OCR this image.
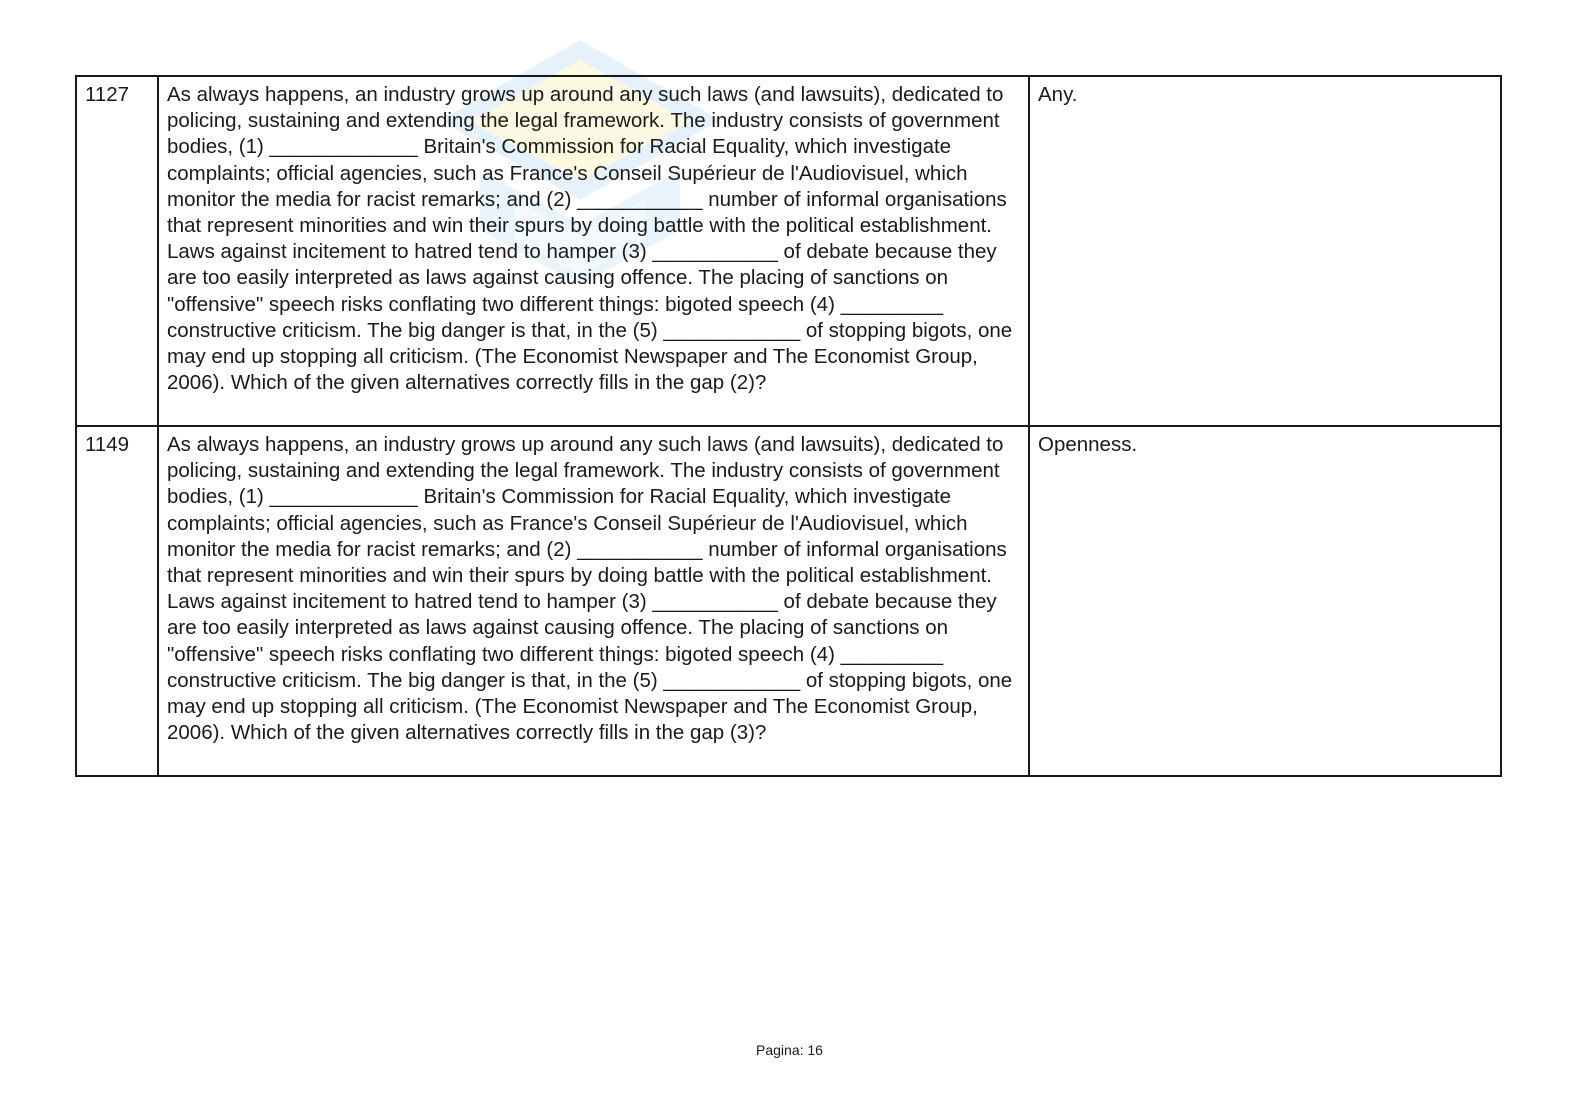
1127	As always happens, an industry grows up around any such laws (and lawsuits), dedicated to policing, sustaining and extending the legal framework. The industry consists of government bodies, (1) _____________ Britain's Commission for Racial Equality, which investigate complaints; official agencies, such as France's Conseil Supérieur de l'Audiovisuel, which monitor the media for racist remarks; and (2) ___________ number of informal organisations that represent minorities and win their spurs by doing battle with the political establishment. Laws against incitement to hatred tend to hamper (3) ___________ of debate because they are too easily interpreted as laws against causing offence. The placing of sanctions on "offensive" speech risks conflating two different things: bigoted speech (4) _________ constructive criticism. The big danger is that, in the (5) ____________ of stopping bigots, one may end up stopping all criticism. (The Economist Newspaper and The Economist Group, 2006). Which of the given alternatives correctly fills in the gap (2)?	Any.
1149	As always happens, an industry grows up around any such laws (and lawsuits), dedicated to policing, sustaining and extending the legal framework. The industry consists of government bodies, (1) _____________ Britain's Commission for Racial Equality, which investigate complaints; official agencies, such as France's Conseil Supérieur de l'Audiovisuel, which monitor the media for racist remarks; and (2) ___________ number of informal organisations that represent minorities and win their spurs by doing battle with the political establishment. Laws against incitement to hatred tend to hamper (3) ___________ of debate because they are too easily interpreted as laws against causing offence. The placing of sanctions on "offensive" speech risks conflating two different things: bigoted speech (4) _________ constructive criticism. The big danger is that, in the (5) ____________ of stopping bigots, one may end up stopping all criticism. (The Economist Newspaper and The Economist Group, 2006). Which of the given alternatives correctly fills in the gap (3)?	Openness.
Pagina: 16
